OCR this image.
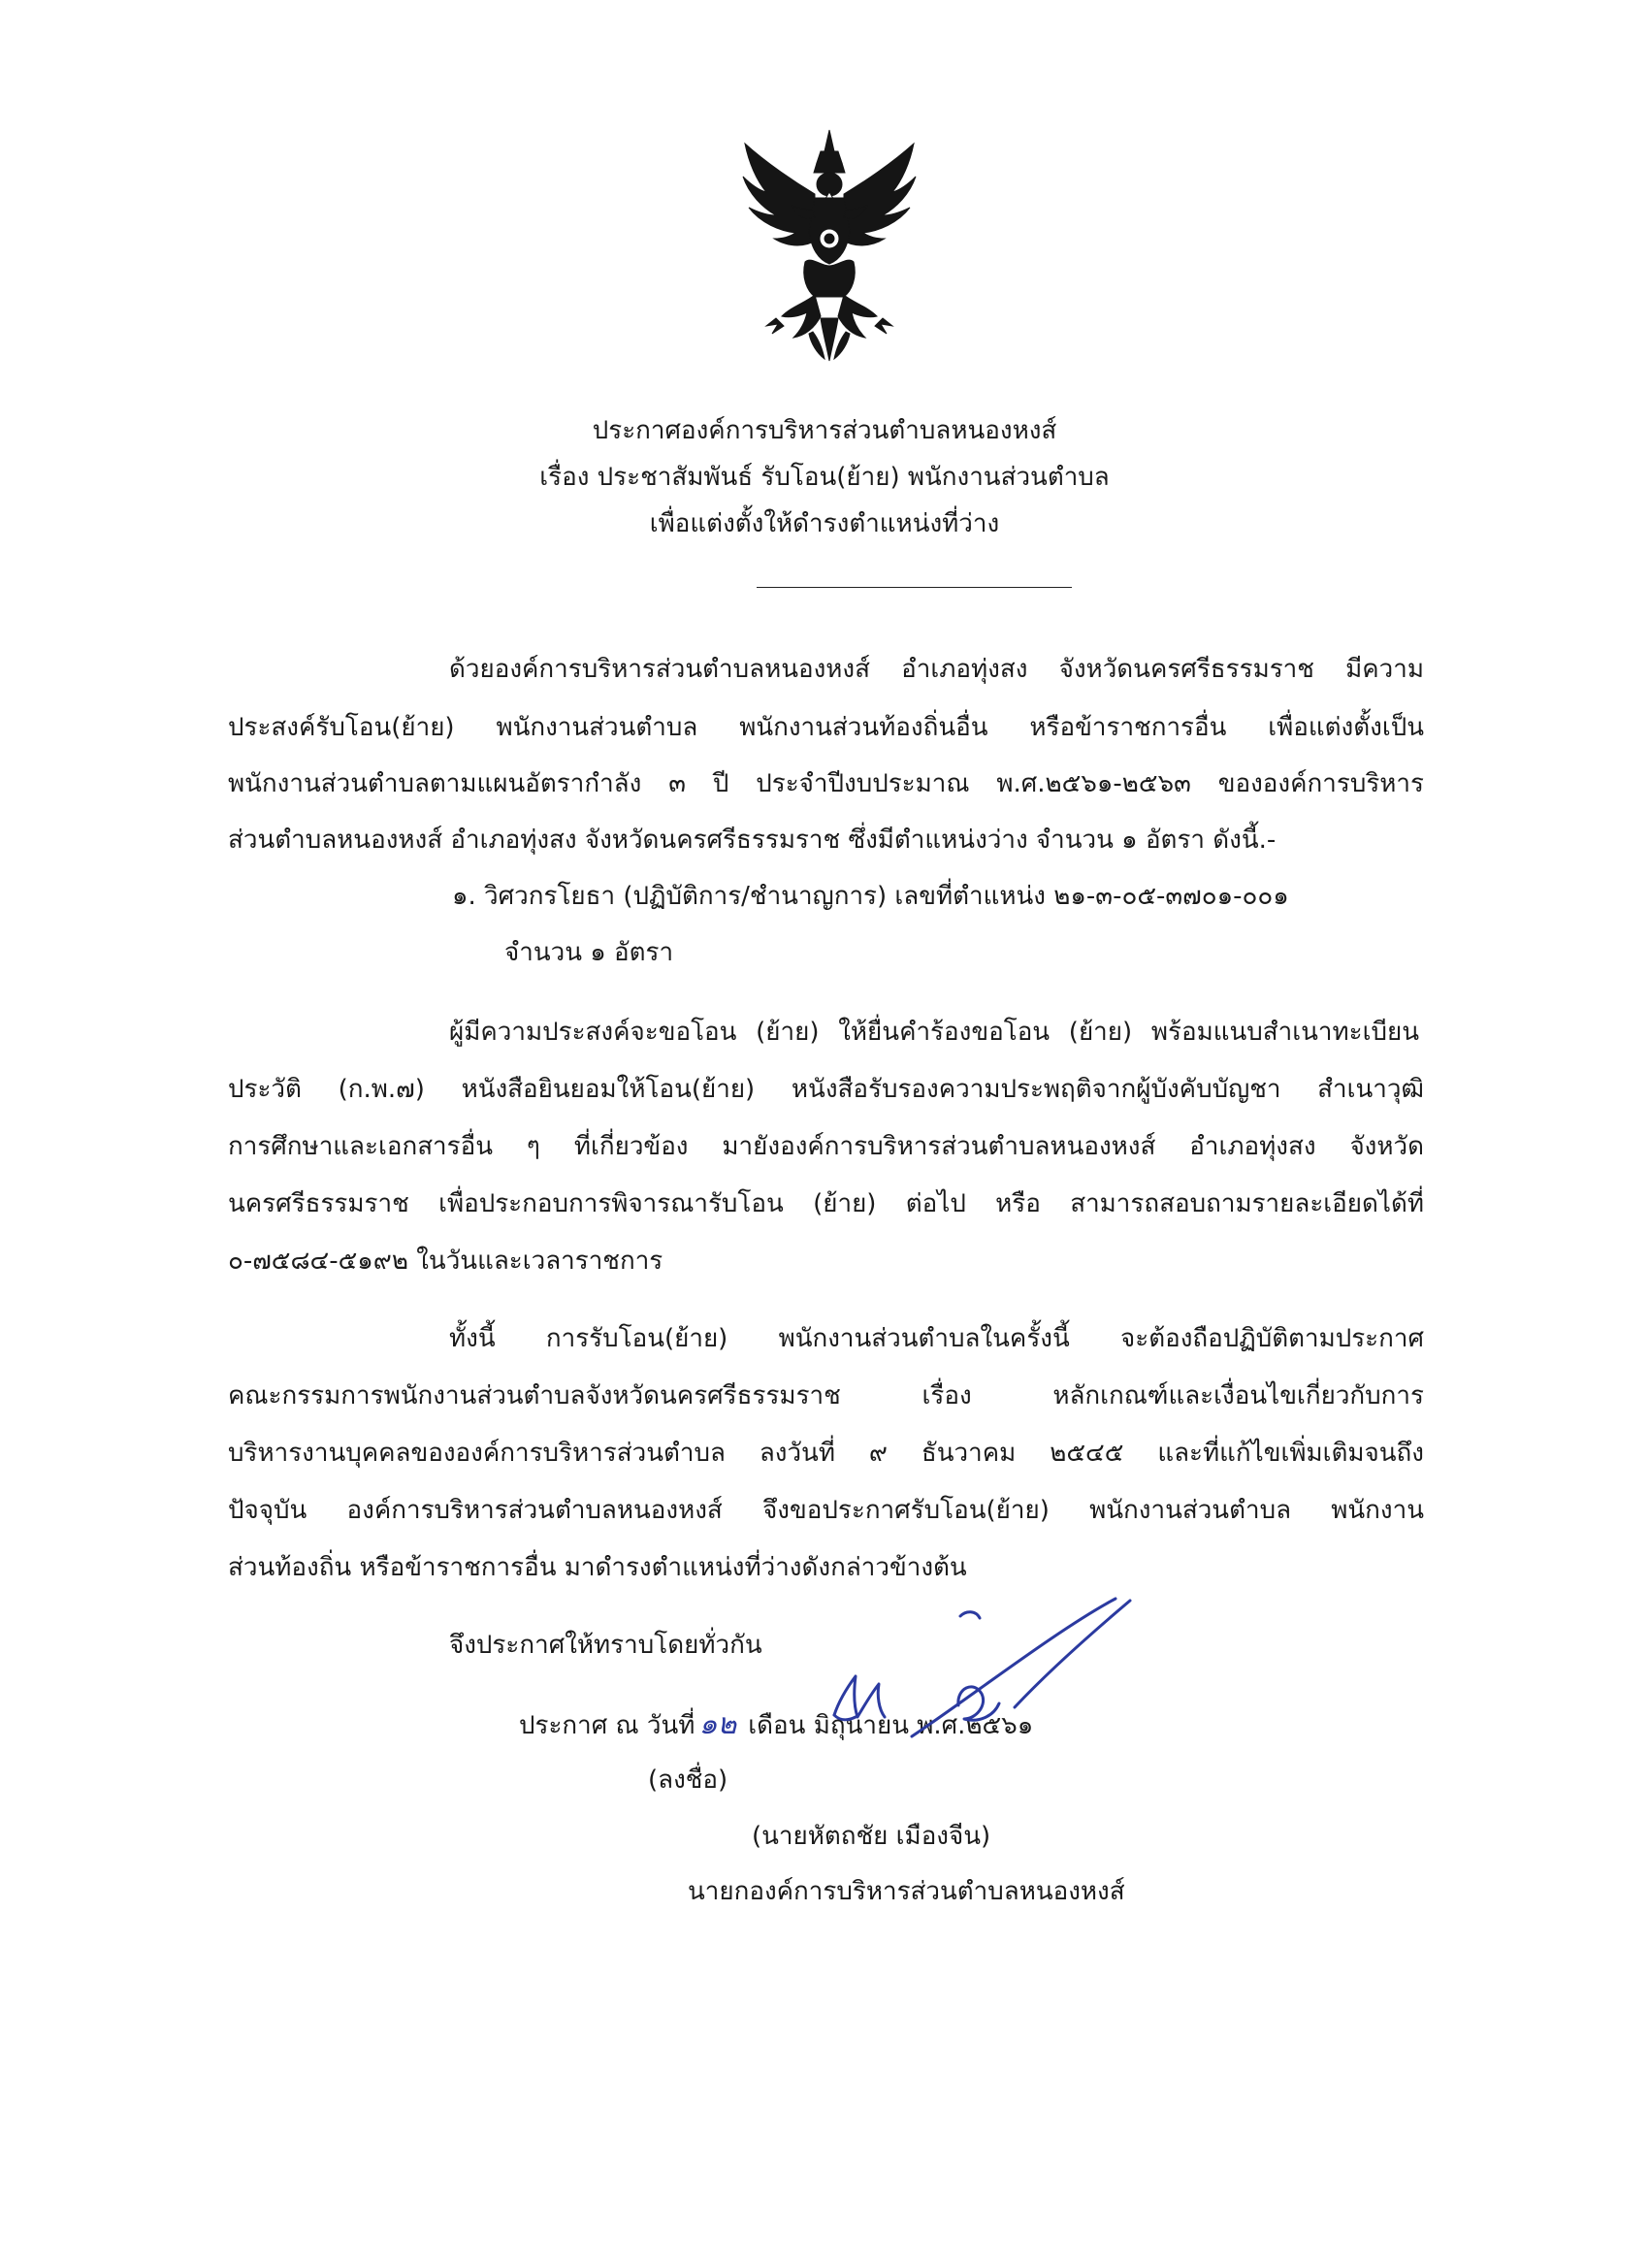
ประกาศองค์การบริหารส่วนตำบลหนองหงส์
เรื่อง ประชาสัมพันธ์ รับโอน(ย้าย) พนักงานส่วนตำบล
เพื่อแต่งตั้งให้ดำรงตำแหน่งที่ว่าง
ด้วยองค์การบริหารส่วนตำบลหนองหงส์ อำเภอทุ่งสง จังหวัดนครศรีธรรมราช มีความ
ประสงค์รับโอน(ย้าย) พนักงานส่วนตำบล พนักงานส่วนท้องถิ่นอื่น หรือข้าราชการอื่น เพื่อแต่งตั้งเป็น
พนักงานส่วนตำบลตามแผนอัตรากำลัง ๓ ปี ประจำปีงบประมาณ พ.ศ.๒๕๖๑-๒๕๖๓ ขององค์การบริหาร
ส่วนตำบลหนองหงส์ อำเภอทุ่งสง จังหวัดนครศรีธรรมราช ซึ่งมีตำแหน่งว่าง จำนวน ๑ อัตรา ดังนี้.-
๑. วิศวกรโยธา (ปฏิบัติการ/ชำนาญการ) เลขที่ตำแหน่ง ๒๑-๓-๐๕-๓๗๐๑-๐๐๑
จำนวน ๑ อัตรา
ผู้มีความประสงค์จะขอโอน (ย้าย) ให้ยื่นคำร้องขอโอน (ย้าย) พร้อมแนบสำเนาทะเบียน
ประวัติ (ก.พ.๗) หนังสือยินยอมให้โอน(ย้าย) หนังสือรับรองความประพฤติจากผู้บังคับบัญชา สำเนาวุฒิ
การศึกษาและเอกสารอื่น ๆ ที่เกี่ยวข้อง มายังองค์การบริหารส่วนตำบลหนองหงส์ อำเภอทุ่งสง จังหวัด
นครศรีธรรมราช เพื่อประกอบการพิจารณารับโอน (ย้าย) ต่อไป หรือ สามารถสอบถามรายละเอียดได้ที่
๐-๗๕๘๔-๕๑๙๒ ในวันและเวลาราชการ
ทั้งนี้ การรับโอน(ย้าย) พนักงานส่วนตำบลในครั้งนี้ จะต้องถือปฏิบัติตามประกาศ
คณะกรรมการพนักงานส่วนตำบลจังหวัดนครศรีธรรมราช เรื่อง หลักเกณฑ์และเงื่อนไขเกี่ยวกับการ
บริหารงานบุคคลขององค์การบริหารส่วนตำบล ลงวันที่ ๙ ธันวาคม ๒๕๔๕ และที่แก้ไขเพิ่มเติมจนถึง
ปัจจุบัน องค์การบริหารส่วนตำบลหนองหงส์ จึงขอประกาศรับโอน(ย้าย) พนักงานส่วนตำบล พนักงาน
ส่วนท้องถิ่น หรือข้าราชการอื่น มาดำรงตำแหน่งที่ว่างดังกล่าวข้างต้น
จึงประกาศให้ทราบโดยทั่วกัน
ประกาศ ณ วันที่ ๑๒ เดือน มิถุนายน พ.ศ.๒๕๖๑
(ลงชื่อ)
(นายหัตถชัย เมืองจีน)
นายกองค์การบริหารส่วนตำบลหนองหงส์
